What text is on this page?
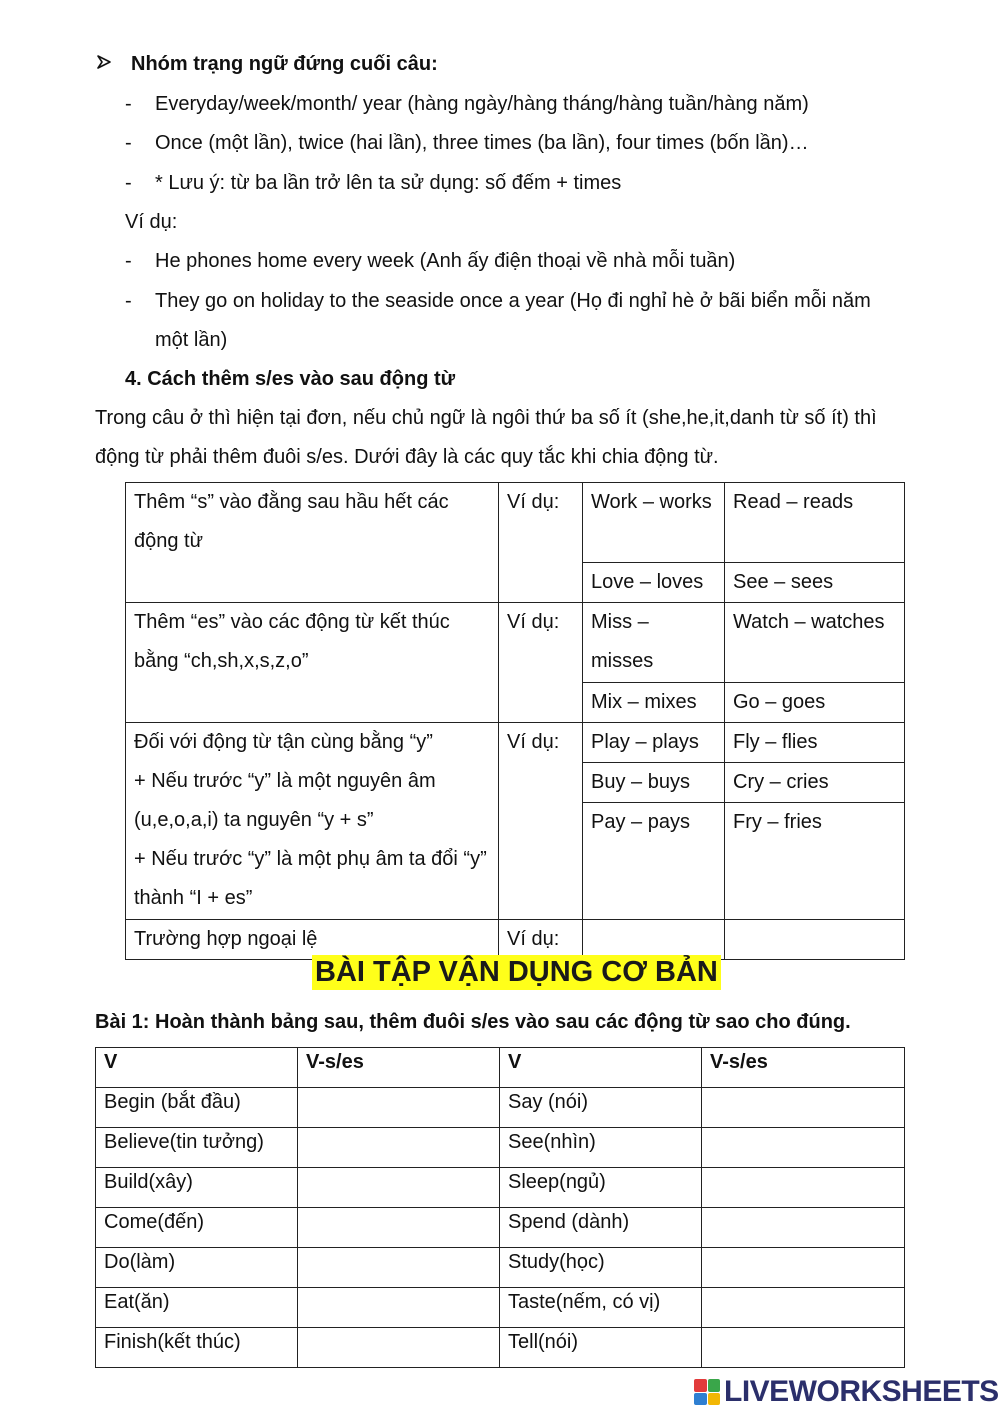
Nhóm trạng ngữ đứng cuối câu:
- Everyday/week/month/ year (hàng ngày/hàng tháng/hàng tuần/hàng năm)
- Once (một lần), twice (hai lần), three times (ba lần), four times (bốn lần)…
- * Lưu ý: từ ba lần trở lên ta sử dụng: số đếm + times
Ví dụ:
- He phones home every week (Anh ấy điện thoại về nhà mỗi tuần)
- They go on holiday to the seaside once a year (Họ đi nghỉ hè ở bãi biển mỗi năm
một lần)
4. Cách thêm s/es vào sau động từ
Trong câu ở thì hiện tại đơn, nếu chủ ngữ là ngôi thứ ba số ít (she,he,it,danh từ số ít) thì
động từ phải thêm đuôi s/es. Dưới đây là các quy tắc khi chia động từ.
Thêm “s” vào đằng sau hầu hết các động từ	Ví dụ:	Work – works	Read – reads
		Love – loves	See – sees
Thêm “es” vào các động từ kết thúc bằng “ch,sh,x,s,z,o”	Ví dụ:	Miss – misses	Watch – watches
		Mix – mixes	Go – goes

Đối với động từ tận cùng bằng “y”
+ Nếu trước “y” là một nguyên âm (u,e,o,a,i) ta nguyên “y + s”
+ Nếu trước “y” là một phụ âm ta đổi “y” thành “I + es”	Ví dụ:	Play – plays	Fly – flies
		Buy – buys	Cry – cries
		Pay – pays	Fry – fries
Trường hợp ngoại lệ	Ví dụ:		
BÀI TẬP VẬN DỤNG CƠ BẢN
Bài 1: Hoàn thành bảng sau, thêm đuôi s/es vào sau các động từ sao cho đúng.
V	V-s/es	V	V-s/es
Begin (bắt đầu)		Say (nói)	
Believe(tin tưởng)		See(nhìn)	
Build(xây)		Sleep(ngủ)	
Come(đến)		Spend (dành)	
Do(làm)		Study(học)	
Eat(ăn)		Taste(nếm, có vị)	
Finish(kết thúc)		Tell(nói)	
LIVEWORKSHEETS
